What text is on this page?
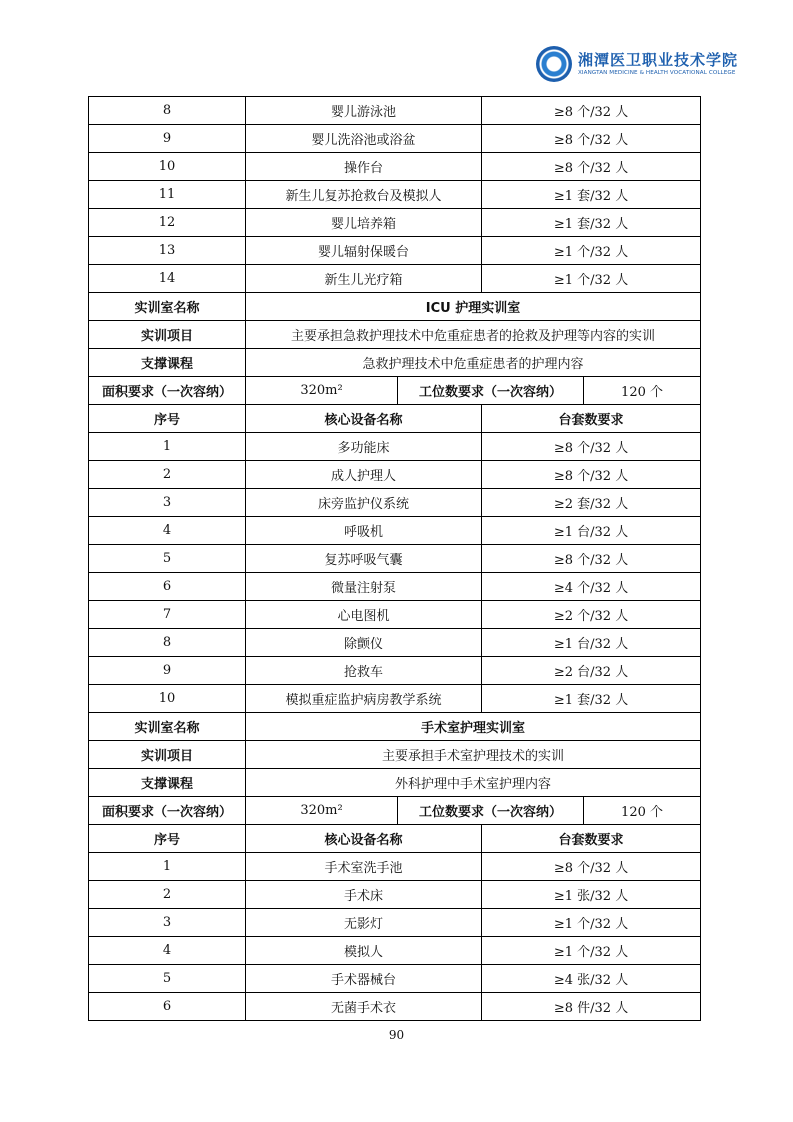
湘潭医卫职业技术学院
XIANGTAN MEDICINE & HEALTH VOCATIONAL COLLEGE
8	婴儿游泳池		≥8 个/32 人	
9	婴儿洗浴池或浴盆		≥8 个/32 人	
10	操作台		≥8 个/32 人	
11	新生儿复苏抢救台及模拟人		≥1 套/32 人	
12	婴儿培养箱		≥1 套/32 人	
13	婴儿辐射保暖台		≥1 个/32 人	
14	新生儿光疗箱		≥1 个/32 人	
实训室名称	ICU 护理实训室			
实训项目	主要承担急救护理技术中危重症患者的抢救及护理等内容的实训			
支撑课程	急救护理技术中危重症患者的护理内容			
面积要求（一次容纳）	320m²	工位数要求（一次容纳）		120 个
序号	核心设备名称		台套数要求	
1	多功能床		≥8 个/32 人	
2	成人护理人		≥8 个/32 人	
3	床旁监护仪系统		≥2 套/32 人	
4	呼吸机		≥1 台/32 人	
5	复苏呼吸气囊		≥8 个/32 人	
6	微量注射泵		≥4 个/32 人	
7	心电图机		≥2 个/32 人	
8	除颤仪		≥1 台/32 人	
9	抢救车		≥2 台/32 人	
10	模拟重症监护病房教学系统		≥1 套/32 人	
实训室名称	手术室护理实训室			
实训项目	主要承担手术室护理技术的实训			
支撑课程	外科护理中手术室护理内容			
面积要求（一次容纳）	320m²	工位数要求（一次容纳）		120 个
序号	核心设备名称		台套数要求	
1	手术室洗手池		≥8 个/32 人	
2	手术床		≥1 张/32 人	
3	无影灯		≥1 个/32 人	
4	模拟人		≥1 个/32 人	
5	手术器械台		≥4 张/32 人	
6	无菌手术衣		≥8 件/32 人	
90
